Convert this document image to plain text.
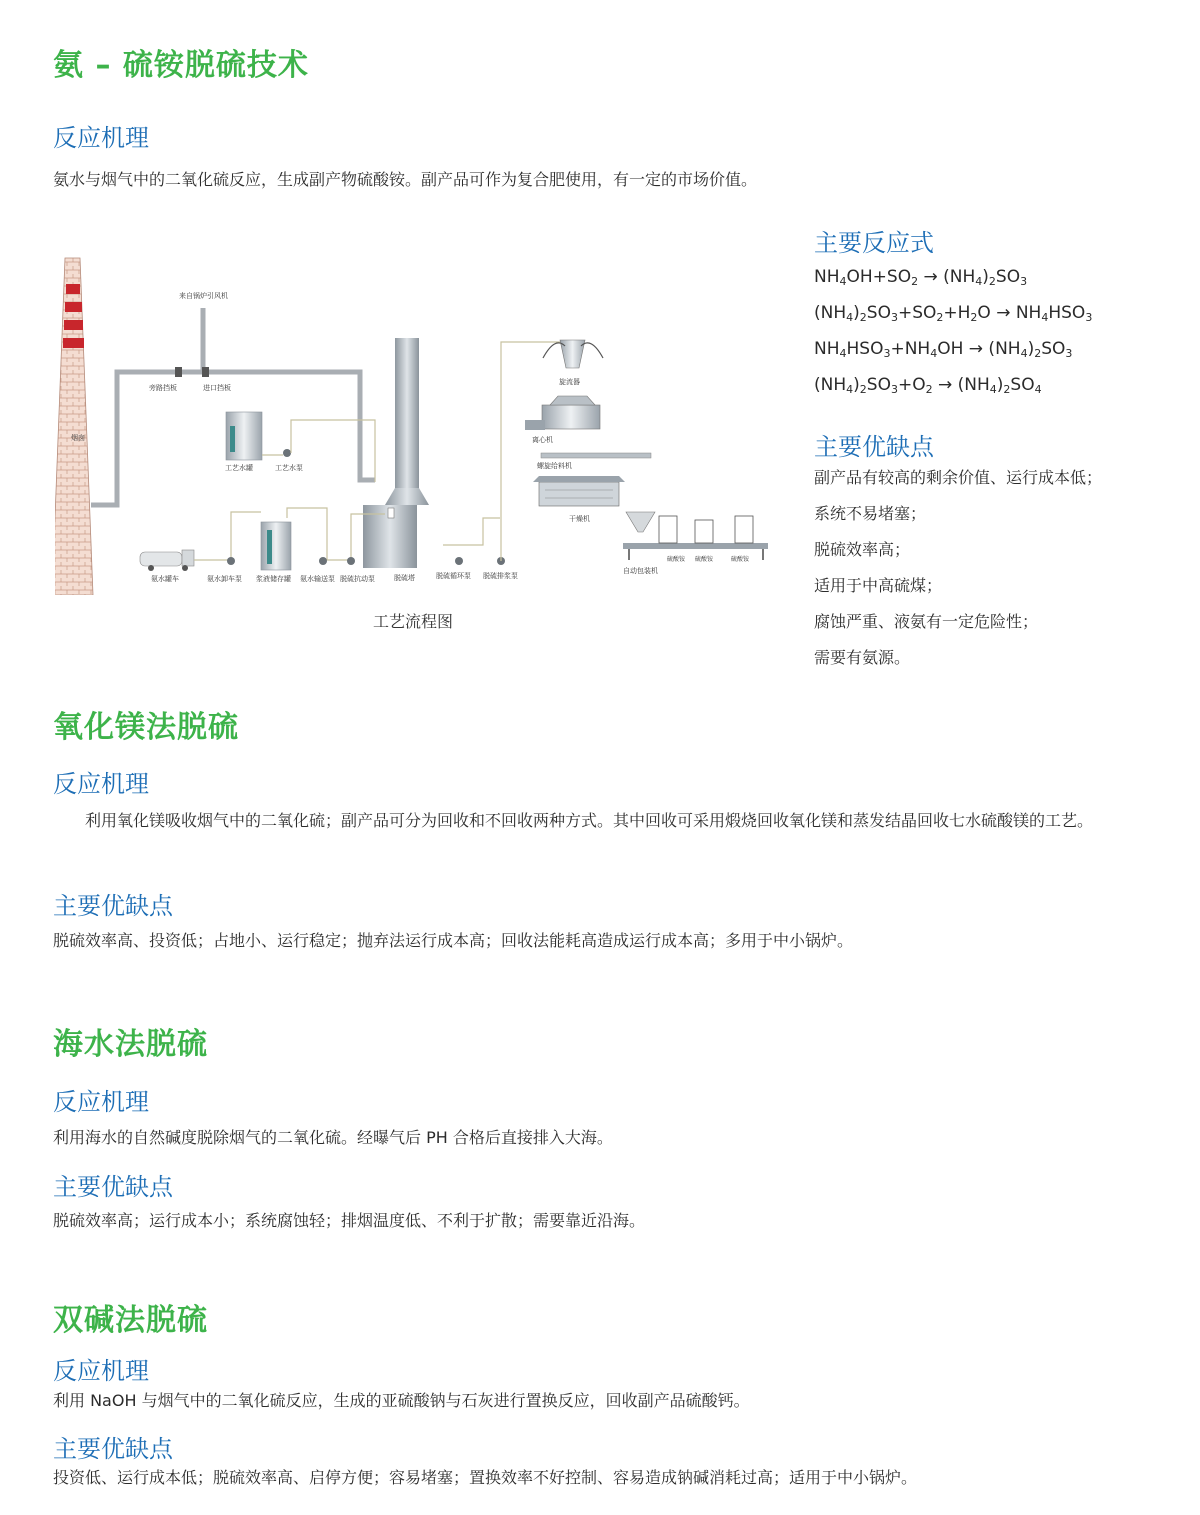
氨 – 硫铵脱硫技术
反应机理
氨水与烟气中的二氧化硫反应，生成副产物硫酸铵。副产品可作为复合肥使用，有一定的市场价值。
烟囱
来自锅炉引风机
旁路挡板	进口挡板
脱硫塔
工艺水罐	工艺水泵
氨水罐车	氨水卸车泵 浆液储存罐 氨水输送泵 脱硫抗动泵	脱硫循环泵 脱硫排浆泵
旋流器
离心机
螺旋给料机
干燥机
自动包装机
硫酸铵 硫酸铵	硫酸铵
工艺流程图
主要反应式
$NH_4OH+SO_2 \to (NH_4)_2SO_3$
$(NH_4)_2SO_3+SO_2+H_2O \to NH_4HSO_3$
$NH_4HSO_3+NH_4OH \to (NH_4)_2SO_3$
$(NH_4)_2SO_3+O_2 \to (NH_4)_2SO_4$
主要优缺点
副产品有较高的剩余价值、运行成本低；
系统不易堵塞；
脱硫效率高；
适用于中高硫煤；
腐蚀严重、液氨有一定危险性；
需要有氨源。
氧化镁法脱硫
反应机理
利用氧化镁吸收烟气中的二氧化硫；副产品可分为回收和不回收两种方式。其中回收可采用煅烧回收氧化镁和蒸发结晶回收七水硫酸镁的工艺。
主要优缺点
脱硫效率高、投资低；占地小、运行稳定；抛弃法运行成本高；回收法能耗高造成运行成本高；多用于中小锅炉。
海水法脱硫
反应机理
利用海水的自然碱度脱除烟气的二氧化硫。经曝气后 PH 合格后直接排入大海。
主要优缺点
脱硫效率高；运行成本小；系统腐蚀轻；排烟温度低、不利于扩散；需要靠近沿海。
双碱法脱硫
反应机理
利用 NaOH 与烟气中的二氧化硫反应，生成的亚硫酸钠与石灰进行置换反应，回收副产品硫酸钙。
主要优缺点
投资低、运行成本低；脱硫效率高、启停方便；容易堵塞；置换效率不好控制、容易造成钠碱消耗过高；适用于中小锅炉。
